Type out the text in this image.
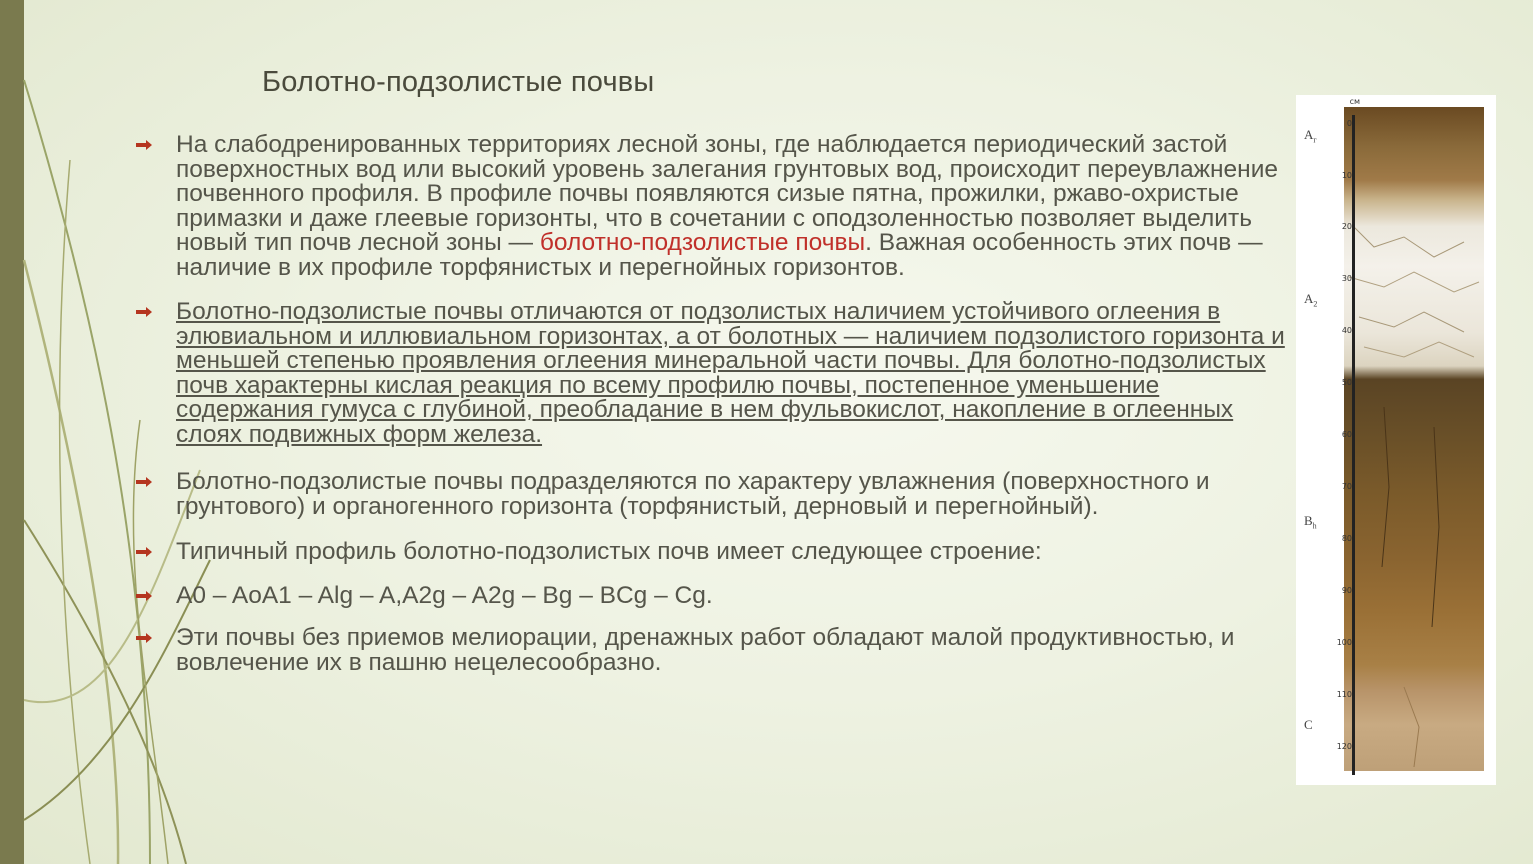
Болотно-подзолистые почвы
На слабодренированных территориях лесной зоны, где наблюдается периодический застой поверхностных вод или высокий уровень залегания грунтовых вод, происходит переувлажнение почвенного профиля. В профиле почвы появляются сизые пятна, прожилки, ржаво-охристые примазки и даже глеевые горизонты, что в сочетании с оподзоленностью позволяет выделить новый тип почв лесной зоны — болотно-подзолистые почвы. Важная особенность этих почв — наличие в их профиле торфянистых и перегнойных горизонтов.
Болотно-подзолистые почвы отличаются от подзолистых наличием устойчивого оглеения в элювиальном и иллювиальном горизонтах, а от болотных — наличием подзолистого горизонта и меньшей степенью проявления оглеения минеральной части почвы. Для болотно-подзолистых почв характерны кислая реакция по всему профилю почвы, постепенное уменьшение содержания гумуса с глубиной, преобладание в нем фульвокислот, накопление в оглеенных слоях подвижных форм железа.
Болотно-подзолистые почвы подразделяются по характеру увлажнения (поверхностного и грунтового) и органогенного горизонта (торфянистый, дерновый и перегнойный).
Типичный профиль болотно-подзолистых почв имеет следующее строение:
A0 – AoA1 – Alg – A,A2g – A2g – Bg – BCg – Cg.
Эти почвы без приемов мелиорации, дренажных работ обладают малой продуктивностью, и вовлечение их в пашню нецелесообразно.
см
0
10
20
30
40
50
60
70
80
90
100
110
120
$A_г$
$A_2$
$B_h$
C
